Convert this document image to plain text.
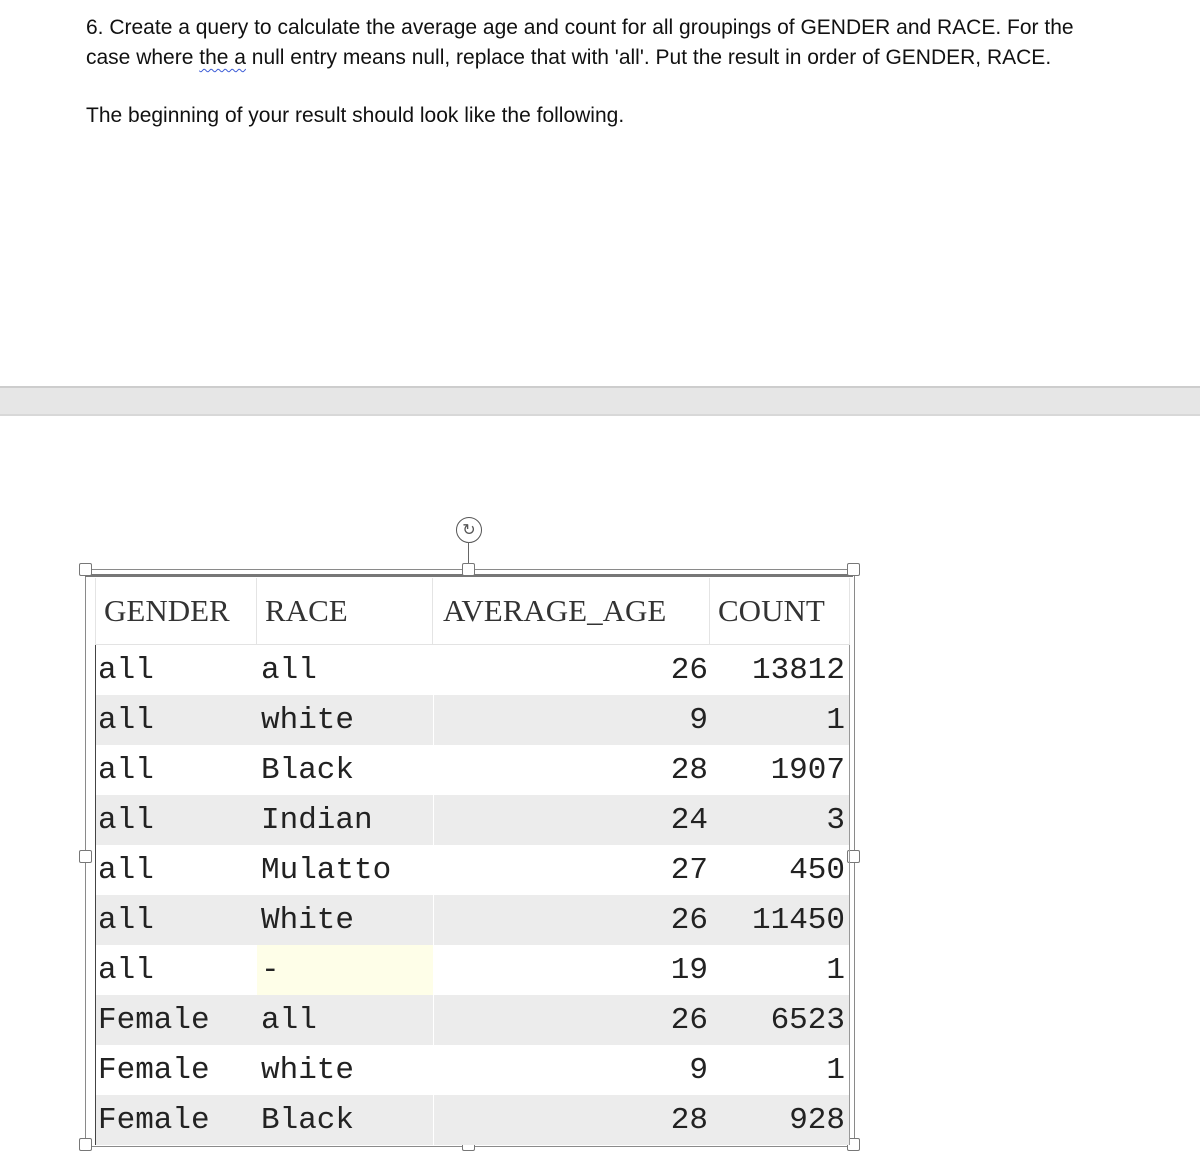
6. Create a query to calculate the average age and count for all groupings of GENDER and RACE. For the
case where the a null entry means null, replace that with 'all'. Put the result in order of GENDER, RACE.

The beginning of your result should look like the following.

↻
GENDER	RACE	AVERAGE_AGE	COUNT
all	all	26	13812
all	white	9	1
all	Black	28	1907
all	Indian	24	3
all	Mulatto	27	450
all	White	26	11450
all	-	19	1
Female	all	26	6523
Female	white	9	1
Female	Black	28	928
